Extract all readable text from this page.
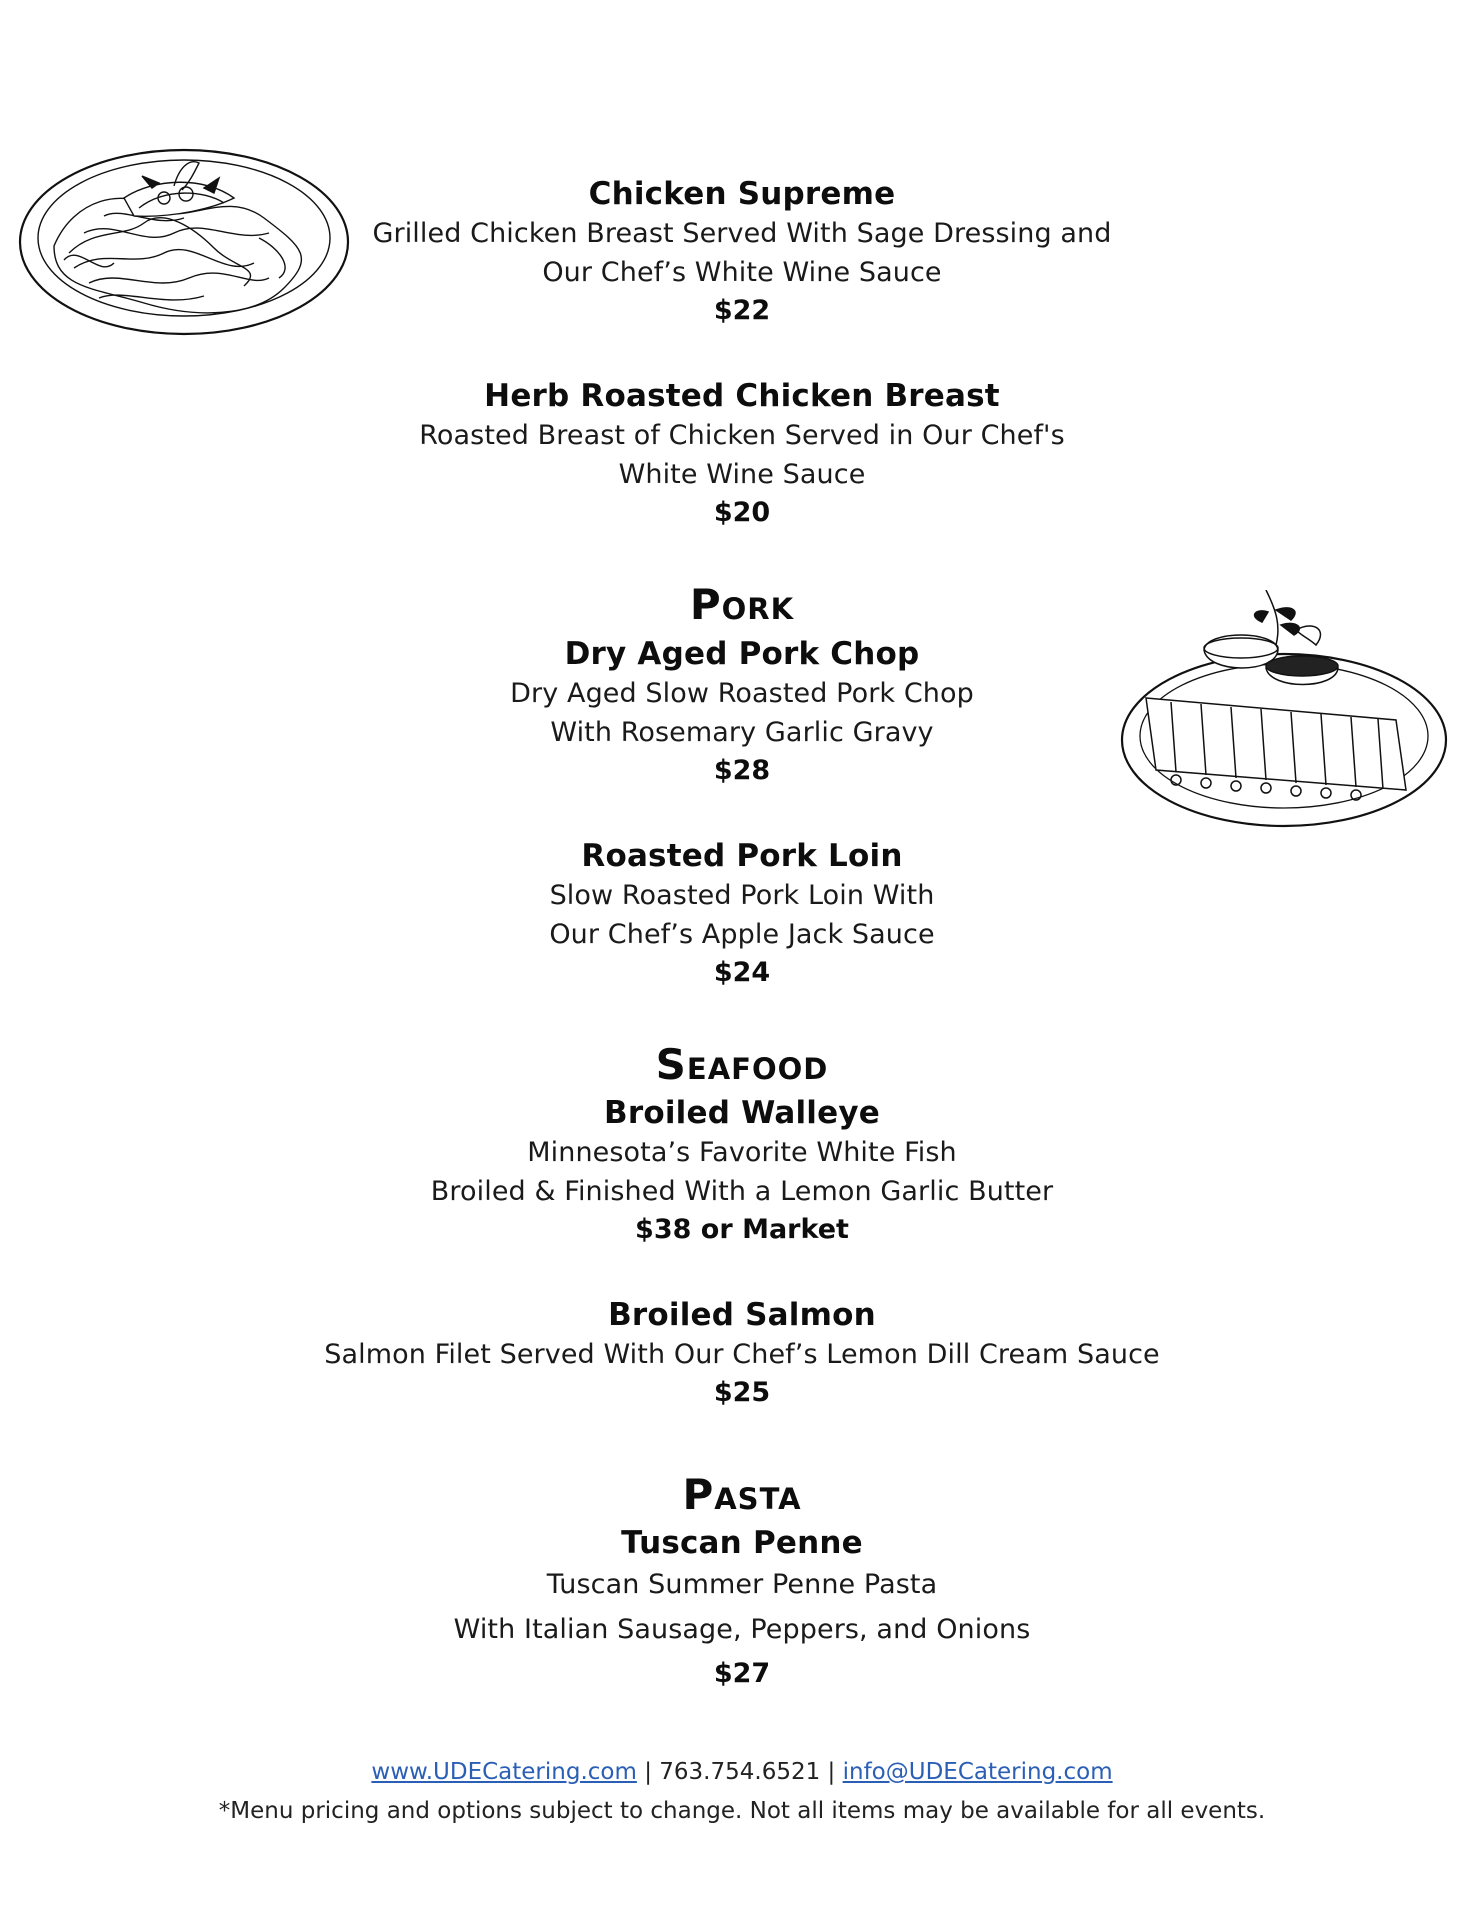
Chicken Supreme
Grilled Chicken Breast Served With Sage Dressing and
Our Chef’s White Wine Sauce
$22
Herb Roasted Chicken Breast
Roasted Breast of Chicken Served in Our Chef's
White Wine Sauce
$20
Pork
Dry Aged Pork Chop
Dry Aged Slow Roasted Pork Chop
With Rosemary Garlic Gravy
$28
Roasted Pork Loin
Slow Roasted Pork Loin With
Our Chef’s Apple Jack Sauce
$24
Seafood
Broiled Walleye
Minnesota’s Favorite White Fish
Broiled & Finished With a Lemon Garlic Butter
$38 or Market
Broiled Salmon
Salmon Filet Served With Our Chef’s Lemon Dill Cream Sauce
$25
Pasta
Tuscan Penne
Tuscan Summer Penne Pasta
With Italian Sausage, Peppers, and Onions
$27
www.UDECatering.com | 763.754.6521 | info@UDECatering.com
*Menu pricing and options subject to change. Not all items may be available for all events.
